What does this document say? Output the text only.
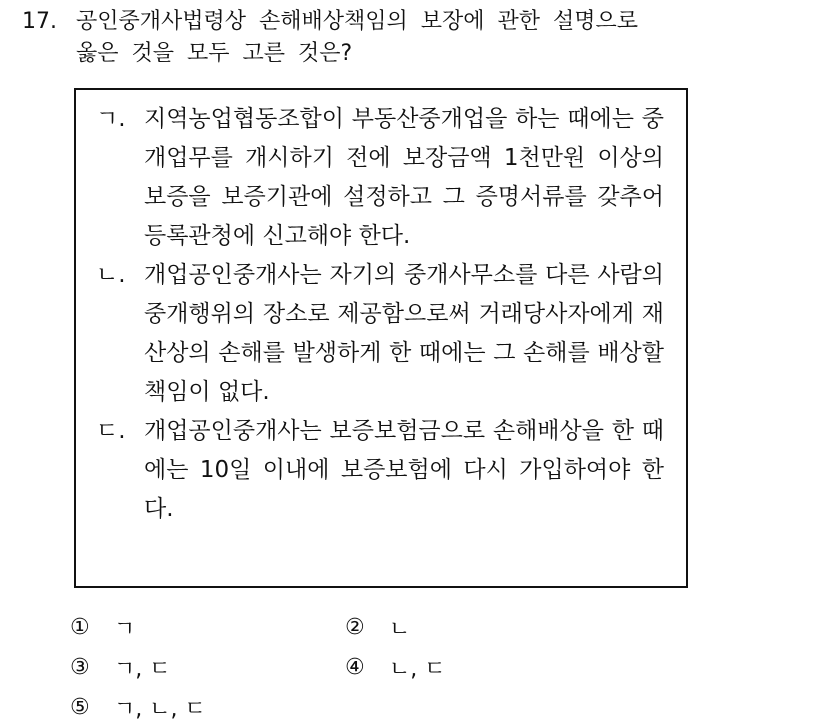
17. 공인중개사법령상 손해배상책임의 보장에 관한 설명으로
옳은 것을 모두 고른 것은?
ㄱ. 지역농업협동조합이 부동산중개업을 하는 때에는 중개업무를 개시하기 전에 보장금액 1천만원 이상의 보증을 보증기관에 설정하고 그 증명서류를 갖추어 등록관청에 신고해야 한다.
ㄴ. 개업공인중개사는 자기의 중개사무소를 다른 사람의 중개행위의 장소로 제공함으로써 거래당사자에게 재산상의 손해를 발생하게 한 때에는 그 손해를 배상할 책임이 없다.
ㄷ. 개업공인중개사는 보증보험금으로 손해배상을 한 때에는 10일 이내에 보증보험에 다시 가입하여야 한다.
①	ㄱ	②	ㄴ
③	ㄱ, ㄷ	④	ㄴ, ㄷ
⑤	ㄱ, ㄴ, ㄷ
